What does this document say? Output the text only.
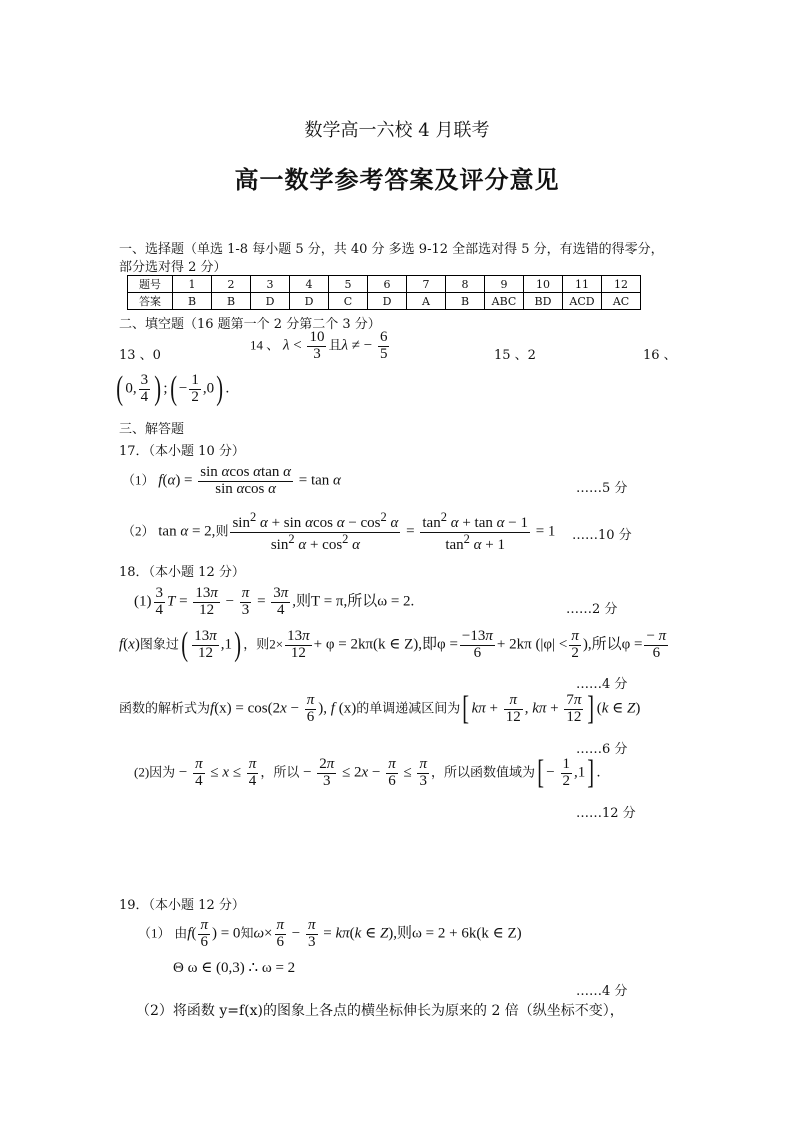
数学高一六校 4 月联考
高一数学参考答案及评分意见
一、选择题（单选 1-8 每小题 5 分，共 40 分 多选 9-12 全部选对得 5 分，有选错的得零分，
部分选对得 2 分）
题号	1	2	3	4	5	6	7	8	9	10	11	12
答案	B	B	D	D	C	D	A	B	ABC	BD	ACD	AC
二、填空题（16 题第一个 2 分第二个 3 分）
13 、0
14 、 $\lambda < \frac{10}{3}$ 且λ ≠ − $\frac{6}{5}$	15 、2	16 、
( 0, $\frac{3}{4}$ ) ;( − $\frac{1}{2} ,0$) .
三、解答题
17．（本小题 10 分）
（1） $f(\alpha) = \frac{\text{sin αcos αtan α}}{\text{sin αcos α}} = \tan \alpha$	……5 分
（2） tan α = 2,则 $\frac{\sin^2 \alpha + \sin \alpha\cos \alpha - \cos^2 \alpha}{\sin^2 \alpha + \cos^2 \alpha} = \frac{\tan^2 \alpha + \tan \alpha - 1}{\tan^2 \alpha + 1} = 1$ ……10 分
18．（本小题 12 分）
$(1) \frac{3}{4}$ $T = \frac{13\pi}{12} - \frac{\pi}{3} = \frac{3\pi}{4}$ ,则T = π,所以ω = 2.	……2 分
f(x)图象过( $\frac{13\pi}{12} ,1$) ，则$2\times \frac{13\pi}{12} + \varphi = 2k\pi(k$ ∈ Z),即$\varphi = \frac{-13\pi}{6} + 2k\pi$ ($|\varphi| < \frac{\pi}{2}$ ),所以$\varphi = \frac{- \pi}{6}$
……4 分
函数的解析式为$f(x) = \cos(2x - \frac{\pi}{6}$ ), f (x)的单调递减区间为[ $k\pi + \frac{\pi}{12}$ , $k\pi + \frac{7\pi}{12}$ ] (k ∈ Z)
……6 分
(2)因为 − $\frac{\pi}{4} \le x \le \frac{\pi}{4}$ ，所以 − $\frac{2\pi}{3} \le 2x - \frac{\pi}{6} \le \frac{\pi}{3}$ ，所以函数值域为[ − $\frac{1}{2} ,1$] .
……12 分
19．（本小题 12 分）
（1） 由$f( \frac{\pi}{6}$ ) = 0知$\omega\times \frac{\pi}{6} - \frac{\pi}{3} = k\pi(k$ ∈ Z),则ω = 2 + 6k(k ∈ Z)
Θ ω ∈ (0,3) ∴ ω = 2
……4 分
（2）将函数 y=f(x)的图象上各点的横坐标伸长为原来的 2 倍（纵坐标不变），
